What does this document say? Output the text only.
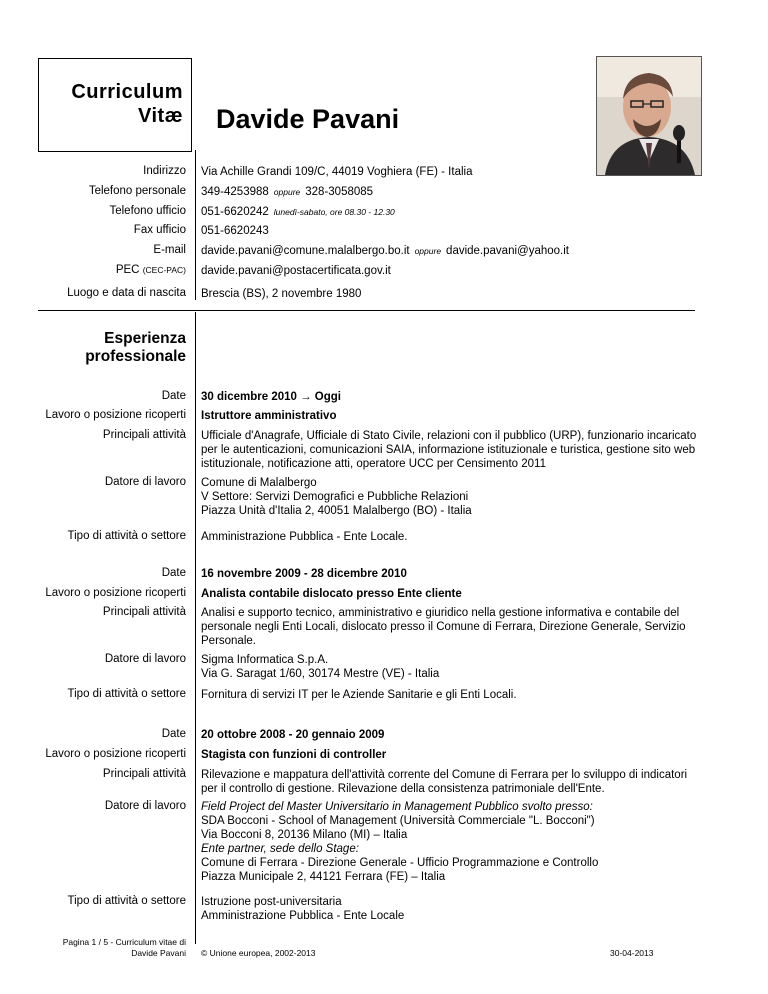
Curriculum
Vitæ Davide Pavani
Indirizzo Via Achille Grandi 109/C, 44019 Voghiera (FE) - Italia
Telefono personale 349-4253988 oppure 328-3058085
Telefono ufficio 051-6620242 lunedì-sabato, ore 08.30 - 12.30
Fax ufficio 051-6620243
E-mail davide.pavani@comune.malalbergo.bo.it oppure davide.pavani@yahoo.it
PEC (CEC-PAC) davide.pavani@postacertificata.gov.it
Luogo e data di nascita Brescia (BS), 2 novembre 1980
Esperienza
professionale
Date 30 dicembre 2010 → Oggi
Lavoro o posizione ricoperti Istruttore amministrativo
Principali attività Ufficiale d'Anagrafe, Ufficiale di Stato Civile, relazioni con il pubblico (URP), funzionario incaricato
per le autenticazioni, comunicazioni SAIA, informazione istituzionale e turistica, gestione sito web
istituzionale, notificazione atti, operatore UCC per Censimento 2011
Datore di lavoro Comune di Malalbergo
V Settore: Servizi Demografici e Pubbliche Relazioni
Piazza Unità d'Italia 2, 40051 Malalbergo (BO) - Italia
Tipo di attività o settore Amministrazione Pubblica - Ente Locale.
Date 16 novembre 2009 - 28 dicembre 2010
Lavoro o posizione ricoperti Analista contabile dislocato presso Ente cliente
Principali attività Analisi e supporto tecnico, amministrativo e giuridico nella gestione informativa e contabile del
personale negli Enti Locali, dislocato presso il Comune di Ferrara, Direzione Generale, Servizio
Personale.
Datore di lavoro Sigma Informatica S.p.A.
Via G. Saragat 1/60, 30174 Mestre (VE) - Italia
Tipo di attività o settore Fornitura di servizi IT per le Aziende Sanitarie e gli Enti Locali.
Date 20 ottobre 2008 - 20 gennaio 2009
Lavoro o posizione ricoperti Stagista con funzioni di controller
Principali attività Rilevazione e mappatura dell'attività corrente del Comune di Ferrara per lo sviluppo di indicatori
per il controllo di gestione. Rilevazione della consistenza patrimoniale dell'Ente.
Datore di lavoro Field Project del Master Universitario in Management Pubblico svolto presso:
SDA Bocconi - School of Management (Università Commerciale "L. Bocconi")
Via Bocconi 8, 20136 Milano (MI) – Italia
Ente partner, sede dello Stage:
Comune di Ferrara - Direzione Generale - Ufficio Programmazione e Controllo
Piazza Municipale 2, 44121 Ferrara (FE) – Italia
Tipo di attività o settore Istruzione post-universitaria
Amministrazione Pubblica - Ente Locale
Pagina 1 / 5 - Curriculum vitae di
Davide Pavani © Unione europea, 2002-2013	30-04-2013
